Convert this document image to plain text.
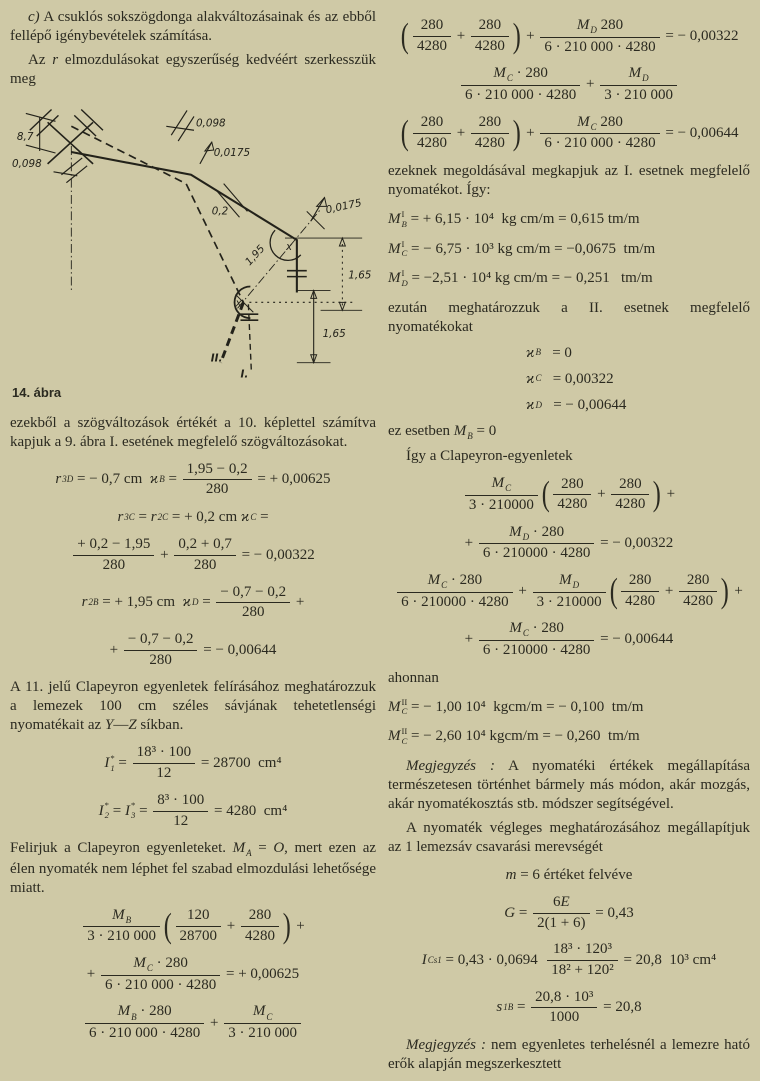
c) A csuklós sokszögdonga alakváltozásainak és az ebből fellépő igénybevételek számítása.

Az r elmozdulásokat egyszerűség kedvéért szerkesszük meg

8,7
0,098
1,95
0,2
0,098
0,0175
0,0175
x
x
II.
I.
1,65
1,65
14. ábra

ezekből a szögváltozások értékét a 10. képlettel számítva kapjuk a 9. ábra I. esetének megfelelő szögváltozásokat.

r 3D = − 0,7 cm ϰ $B = \frac{1,95 - 0,2}{280}$ = + 0,00625
r 3C = r 2C = + 0,2 cm ϰ C =
$\frac{+ 0,2 - 1,95}{280} + \frac{0,2 + 0,7}{280}$ = − 0,00322
r 2B = + 1,95 cm ϰ $D = \frac{- 0,7 - 0,2}{280}$ +
+ $\frac{- 0,7 - 0,2}{280}$ = − 0,00644

A 11. jelű Clapeyron egyenletek felírásához meghatározzuk a lemezek 100 cm széles sávjának tehetetlenségi nyomatékait az Y—Z síkban.

I *
$1 = \frac{\text{18³ · 100}}{12} = 28700$  cm⁴
I *
2 = I *
$3 = \frac{\text{8³ · 100}}{12} = 4280$  cm⁴

Felirjuk a Clapeyron egyenleteket. $M_A = O$, mert ezen az élen nyomaték nem léphet fel szabad elmozdulási lehetősége miatt.

$\frac{M_B}{3 \cdot 210 000}$ ( $\frac{120}{28700} + \frac{280}{4280}$ ) +
+ $\frac{M_C \cdot 280}{6 \cdot 210 000 \cdot 4280}$ = + 0,00625
$\frac{M_B \cdot 280}{6 \cdot 210 000 \cdot 4280} + \frac{M_C}{3 \cdot 210 000}$
( $\frac{280}{4280} + \frac{280}{4280}$ ) + $\frac{M_D 280}{6 \cdot 210 000 \cdot 4280}$ = − 0,00322
$\frac{M_C \cdot 280}{6 \cdot 210 000 \cdot 4280} + \frac{M_D}{3 \cdot 210 000}$
( $\frac{280}{4280} + \frac{280}{4280}$ ) + $\frac{M_C 280}{6 \cdot 210 000 \cdot 4280}$ = − 0,00644

ezeknek megoldásával megkapjuk az I. esetnek megfelelő nyomatékot. Így:

M I
B = + 6,15 · 10⁴  kg cm/m = 0,615 tm/m
M I
C = − 6,75 · 10³ kg cm/m = −0,0675  tm/m
M I
D = −2,51 · 10⁴ kg cm/m = − 0,251   tm/m

ezután meghatározzuk a II. esetnek megfelelő nyomatékokat

ϰ B = 0
ϰ C = 0,00322
ϰ D = − 0,00644

ez esetben $M_B = 0$

Így a Clapeyron-egyenletek

$\frac{M_C}{3 \cdot 210000}$ ( $\frac{280}{4280} + \frac{280}{4280}$ ) +
+ $\frac{M_D \cdot 280}{6 \cdot 210000 \cdot 4280}$ = − 0,00322
$\frac{M_C \cdot 280}{6 \cdot 210000 \cdot 4280} + \frac{M_D}{3 \cdot 210000}$ ( $\frac{280}{4280} + \frac{280}{4280}$ ) +
+ $\frac{M_C \cdot 280}{6 \cdot 210000 \cdot 4280}$ = − 0,00644

ahonnan

M II
C = − 1,00 10⁴  kgcm/m = − 0,100  tm/m
M II
C = − 2,60 10⁴ kgcm/m = − 0,260  tm/m

Megjegyzés : A nyomatéki értékek megállapítása természetesen történhet bármely más módon, akár mozgás, akár nyomatékosztás stb. módszer segítségével.

A nyomaték végleges meghatározásához megállapítjuk az 1 lemezsáv csavarási merevségét

m = 6 értéket felvéve
$G = \frac{6E}{2(1 + 6)} = 0,43$
I $Cs1 = 0,43 \cdot 0,0694 \frac{\text{18³ · 120³}}{\text{18² + 120²}} = 20,8$  10³ cm⁴
s $1B = \frac{\text{20,8 · 10³}}{1000} = 20,8$

Megjegyzés : nem egyenletes terhelésnél a lemezre ható erők alapján megszerkesztett
